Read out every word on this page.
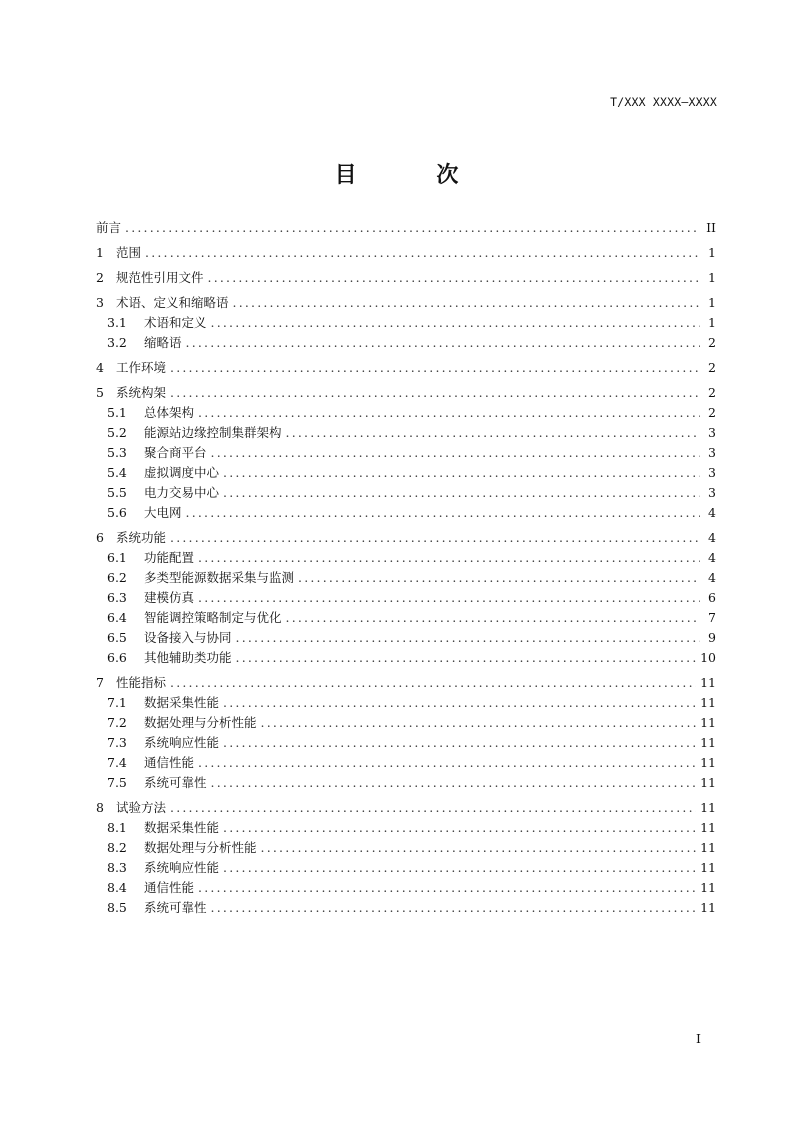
T/XXX XXXX—XXXX
目 次
前言 .....	II
1 范围 .....	1
2 规范性引用文件 .....	1
3 术语、定义和缩略语 .....	1
3.1	术语和定义 .....	1
3.2	缩略语 .....	2
4 工作环境 .....	2
5 系统构架 .....	2
5.1	总体架构 .....	2
5.2	能源站边缘控制集群架构 .....	3
5.3	聚合商平台 .....	3
5.4	虚拟调度中心 .....	3
5.5	电力交易中心 .....	3
5.6	大电网 .....	4
6 系统功能 .....	4
6.1	功能配置 .....	4
6.2	多类型能源数据采集与监测 .....	4
6.3	建模仿真 .....	6
6.4	智能调控策略制定与优化 .....	7
6.5	设备接入与协同 .....	9
6.6	其他辅助类功能 .....	10
7 性能指标 .....	11
7.1	数据采集性能 .....	11
7.2	数据处理与分析性能 .....	11
7.3	系统响应性能 .....	11
7.4	通信性能 .....	11
7.5	系统可靠性 .....	11
8 试验方法 .....	11
8.1	数据采集性能 .....	11
8.2	数据处理与分析性能 .....	11
8.3	系统响应性能 .....	11
8.4	通信性能 .....	11
8.5	系统可靠性 .....	11
I
